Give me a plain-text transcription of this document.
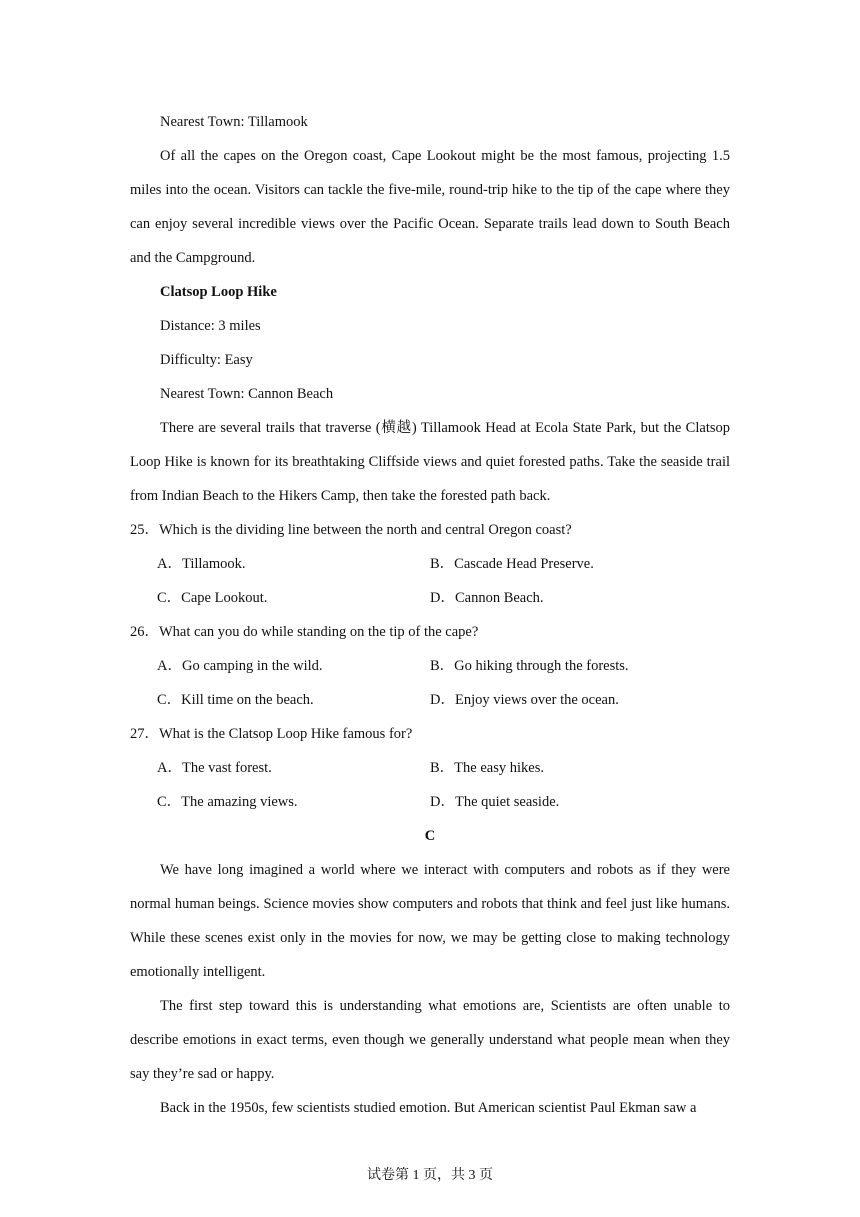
Nearest Town: Tillamook

Of all the capes on the Oregon coast, Cape Lookout might be the most famous, projecting 1.5 miles into the ocean. Visitors can tackle the five-mile, round-trip hike to the tip of the cape where they can enjoy several incredible views over the Pacific Ocean. Separate trails lead down to South Beach and the Campground.

Clatsop Loop Hike
Distance: 3 miles
Difficulty: Easy
Nearest Town: Cannon Beach

There are several trails that traverse (横越) Tillamook Head at Ecola State Park, but the Clatsop Loop Hike is known for its breathtaking Cliffside views and quiet forested paths. Take the seaside trail from Indian Beach to the Hikers Camp, then take the forested path back.

25．Which is the dividing line between the north and central Oregon coast?
A．Tillamook.	B．Cascade Head Preserve.
C．Cape Lookout.	D．Cannon Beach.
26．What can you do while standing on the tip of the cape?
A．Go camping in the wild.	B．Go hiking through the forests.
C．Kill time on the beach.	D．Enjoy views over the ocean.
27．What is the Clatsop Loop Hike famous for?
A．The vast forest.	B．The easy hikes.
C．The amazing views.	D．The quiet seaside.
C

We have long imagined a world where we interact with computers and robots as if they were normal human beings. Science movies show computers and robots that think and feel just like humans. While these scenes exist only in the movies for now, we may be getting close to making technology emotionally intelligent.

The first step toward this is understanding what emotions are, Scientists are often unable to describe emotions in exact terms, even though we generally understand what people mean when they say they’re sad or happy.

Back in the 1950s, few scientists studied emotion. But American scientist Paul Ekman saw a

试卷第 1 页，共 3 页
